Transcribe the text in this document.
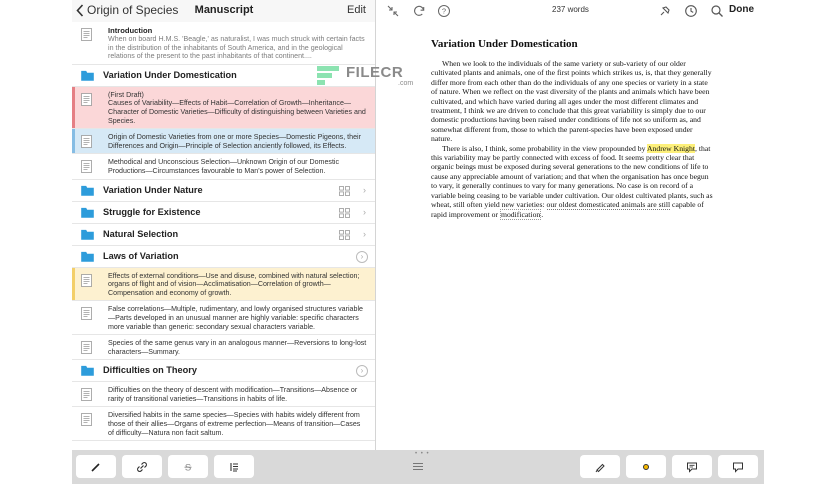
Origin of Species	Manuscript	Edit
Introduction
When on board H.M.S. 'Beagle,' as naturalist, I was much struck with certain facts in the distribution of the inhabitants of South America, and in the geological relations of the present to the past inhabitants of that continent....
Variation Under Domestication
(First Draft)
Causes of Variability—Effects of Habit—Correlation of Growth—Inheritance—Character of Domestic Varieties—Difficulty of distinguishing between Varieties and Species.
Origin of Domestic Varieties from one or more Species—Domestic Pigeons, their Differences and Origin—Principle of Selection anciently followed, its Effects.
Methodical and Unconscious Selection—Unknown Origin of our Domestic Productions—Circumstances favourable to Man's power of Selection.
Variation Under Nature	›
Struggle for Existence	›
Natural Selection	›
Laws of Variation	›
Effects of external conditions—Use and disuse, combined with natural selection; organs of flight and of vision—Acclimatisation—Correlation of growth—Compensation and economy of growth.
False correlations—Multiple, rudimentary, and lowly organised structures variable—Parts developed in an unusual manner are highly variable: specific characters more variable than generic: secondary sexual characters variable.
Species of the same genus vary in an analogous manner—Reversions to long-lost characters—Summary.
Difficulties on Theory	›
Difficulties on the theory of descent with modification—Transitions—Absence or rarity of transitional varieties—Transitions in habits of life.
Diversified habits in the same species—Species with habits widely different from those of their allies—Organs of extreme perfection—Means of transition—Cases of difficulty—Natura non facit saltum.
?	237 words	Done
Variation Under Domestication

When we look to the individuals of the same variety or sub-variety of our older cultivated plants and animals, one of the first points which strikes us, is, that they generally differ more from each other than do the individuals of any one species or variety in a state of nature. When we reflect on the vast diversity of the plants and animals which have been cultivated, and which have varied during all ages under the most different climates and treatment, I think we are driven to conclude that this great variability is simply due to our domestic productions having been raised under conditions of life not so uniform as, and somewhat different from, those to which the parent-species have been exposed under nature.

There is also, I think, some probability in the view propounded by Andrew Knight, that this variability may be partly connected with excess of food. It seems pretty clear that organic beings must be exposed during several generations to the new conditions of life to cause any appreciable amount of variation; and that when the organisation has once begun to vary, it generally continues to vary for many generations. No case is on record of a variable being ceasing to be variable under cultivation. Our oldest cultivated plants, such as wheat, still often yield new varieties: our oldest domesticated animals are still capable of rapid improvement or modification.

FILECR
.com
S
• • •
